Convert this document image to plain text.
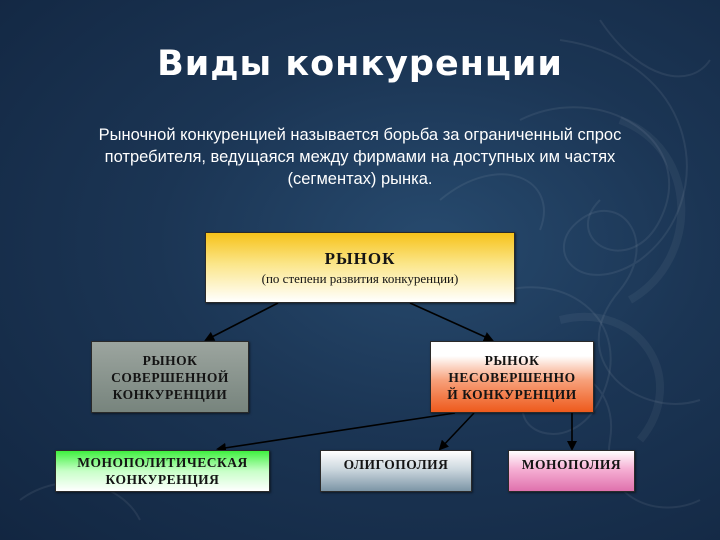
Виды конкуренции
Рыночной конкуренцией называется борьба за ограниченный спрос
потребителя, ведущаяся между фирмами на доступных им частях
(сегментах) рынка.
РЫНОК
(по степени развития конкуренции)
РЫНОК
СОВЕРШЕННОЙ
КОНКУРЕНЦИИ
РЫНОК
НЕСОВЕРШЕННО
Й КОНКУРЕНЦИИ
МОНОПОЛИТИЧЕСКАЯ
КОНКУРЕНЦИЯ
ОЛИГОПОЛИЯ	МОНОПОЛИЯ
